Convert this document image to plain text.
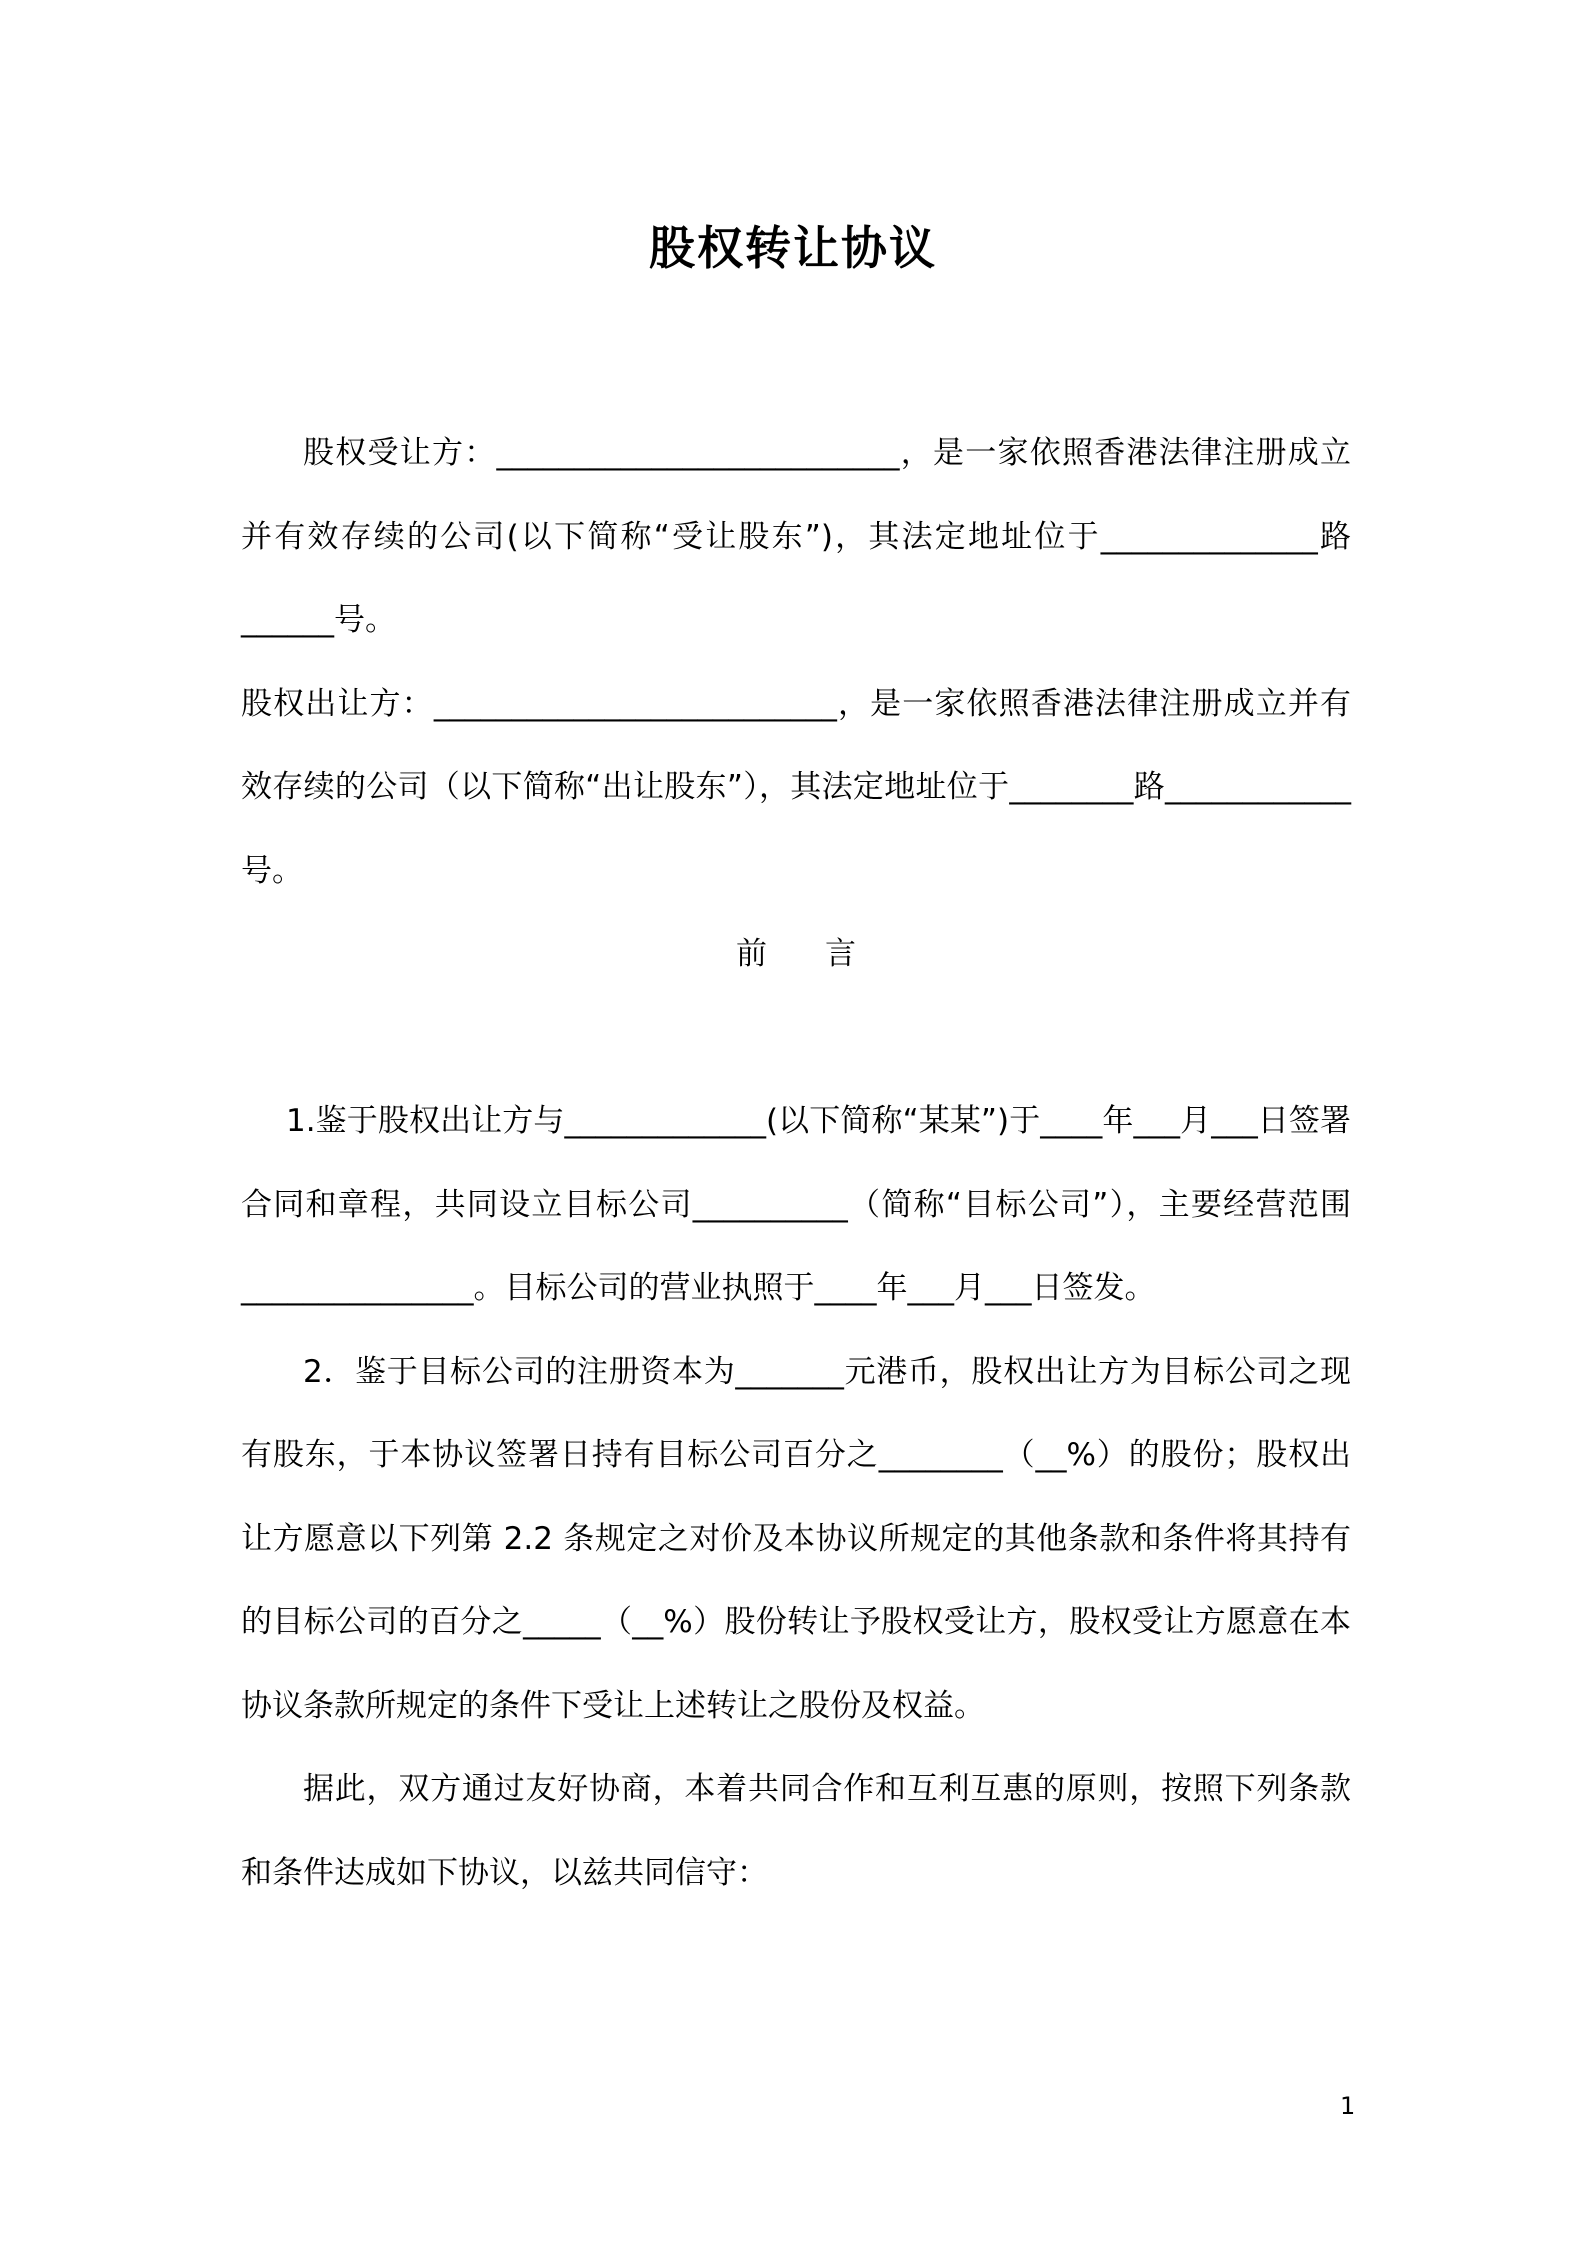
股权转让协议

股权受让方：__________________________，是一家依照香港法律注册成立并有效存续的公司(以下简称“受让股东”)，其法定地址位于______________路______号。

股权出让方：__________________________，是一家依照香港法律注册成立并有效存续的公司（以下简称“出让股东”），其法定地址位于________路____________号。

前言

1.鉴于股权出让方与_____________(以下简称“某某”)于____年___月___日签署合同和章程，共同设立目标公司__________（简称“目标公司”），主要经营范围_______________。目标公司的营业执照于____年___月___日签发。

2．鉴于目标公司的注册资本为_______元港币，股权出让方为目标公司之现有股东，于本协议签署日持有目标公司百分之________（__%）的股份；股权出让方愿意以下列第 2.2 条规定之对价及本协议所规定的其他条款和条件将其持有的目标公司的百分之_____（__%）股份转让予股权受让方，股权受让方愿意在本协议条款所规定的条件下受让上述转让之股份及权益。

据此，双方通过友好协商，本着共同合作和互利互惠的原则，按照下列条款和条件达成如下协议，以兹共同信守：

1
